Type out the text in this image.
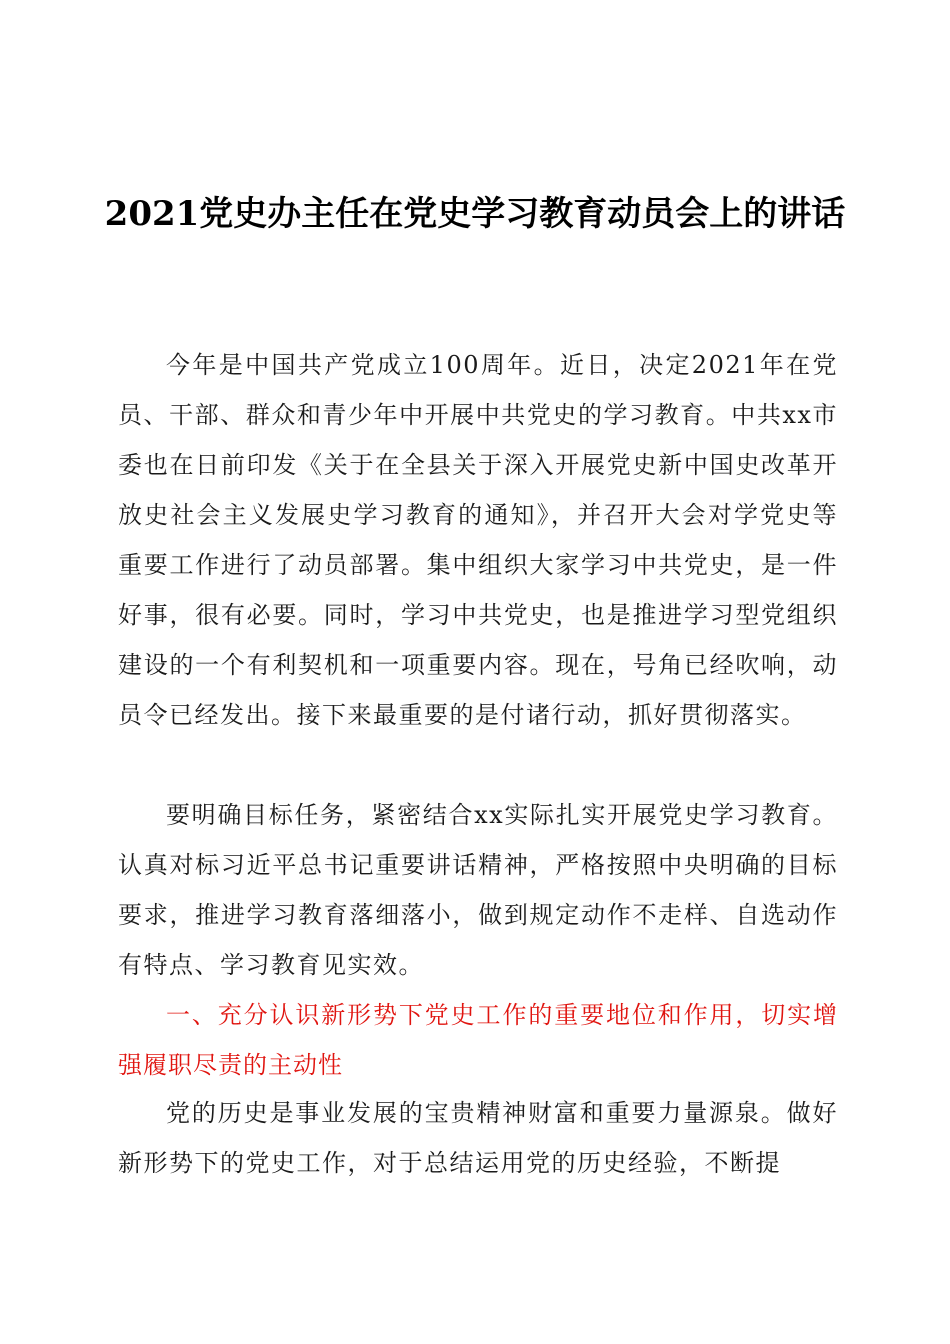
2021党史办主任在党史学习教育动员会上的讲话

今年是中国共产党成立100周年。近日，决定2021年在党员、干部、群众和青少年中开展中共党史的学习教育。中共xx市委也在日前印发《关于在全县关于深入开展党史新中国史改革开放史社会主义发展史学习教育的通知》，并召开大会对学党史等重要工作进行了动员部署。集中组织大家学习中共党史，是一件好事，很有必要。同时，学习中共党史，也是推进学习型党组织建设的一个有利契机和一项重要内容。现在，号角已经吹响，动员令已经发出。接下来最重要的是付诸行动，抓好贯彻落实。

要明确目标任务，紧密结合xx实际扎实开展党史学习教育。认真对标习近平总书记重要讲话精神，严格按照中央明确的目标要求，推进学习教育落细落小，做到规定动作不走样、自选动作有特点、学习教育见实效。

一、充分认识新形势下党史工作的重要地位和作用，切实增强履职尽责的主动性

党的历史是事业发展的宝贵精神财富和重要力量源泉。做好新形势下的党史工作，对于总结运用党的历史经验，不断提
